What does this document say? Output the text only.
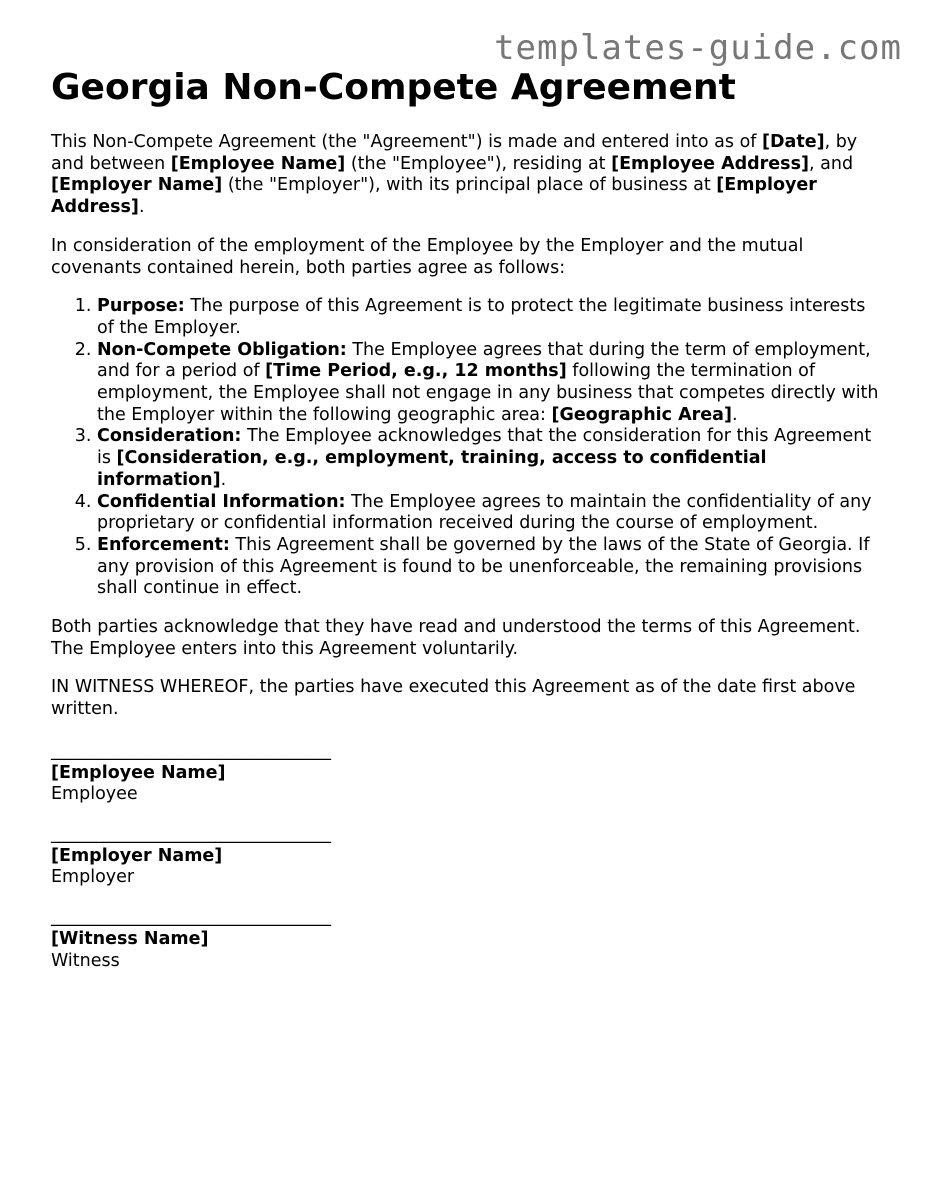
templates-guide.com
Georgia Non-Compete Agreement

This Non-Compete Agreement (the "Agreement") is made and entered into as of [Date], by and between [Employee Name] (the "Employee"), residing at [Employee Address], and [Employer Name] (the "Employer"), with its principal place of business at [Employer Address].

In consideration of the employment of the Employee by the Employer and the mutual covenants contained herein, both parties agree as follows:

1. Purpose: The purpose of this Agreement is to protect the legitimate business interests of the Employer.
2. Non-Compete Obligation: The Employee agrees that during the term of employment, and for a period of [Time Period, e.g., 12 months] following the termination of employment, the Employee shall not engage in any business that competes directly with the Employer within the following geographic area: [Geographic Area].
3. Consideration: The Employee acknowledges that the consideration for this Agreement is [Consideration, e.g., employment, training, access to confidential information].
4. Confidential Information: The Employee agrees to maintain the confidentiality of any proprietary or confidential information received during the course of employment.
5. Enforcement: This Agreement shall be governed by the laws of the State of Georgia. If any provision of this Agreement is found to be unenforceable, the remaining provisions shall continue in effect.

Both parties acknowledge that they have read and understood the terms of this Agreement. The Employee enters into this Agreement voluntarily.

IN WITNESS WHEREOF, the parties have executed this Agreement as of the date first above written.

________________________________
[Employee Name]
Employee
________________________________
[Employer Name]
Employer
________________________________
[Witness Name]
Witness
